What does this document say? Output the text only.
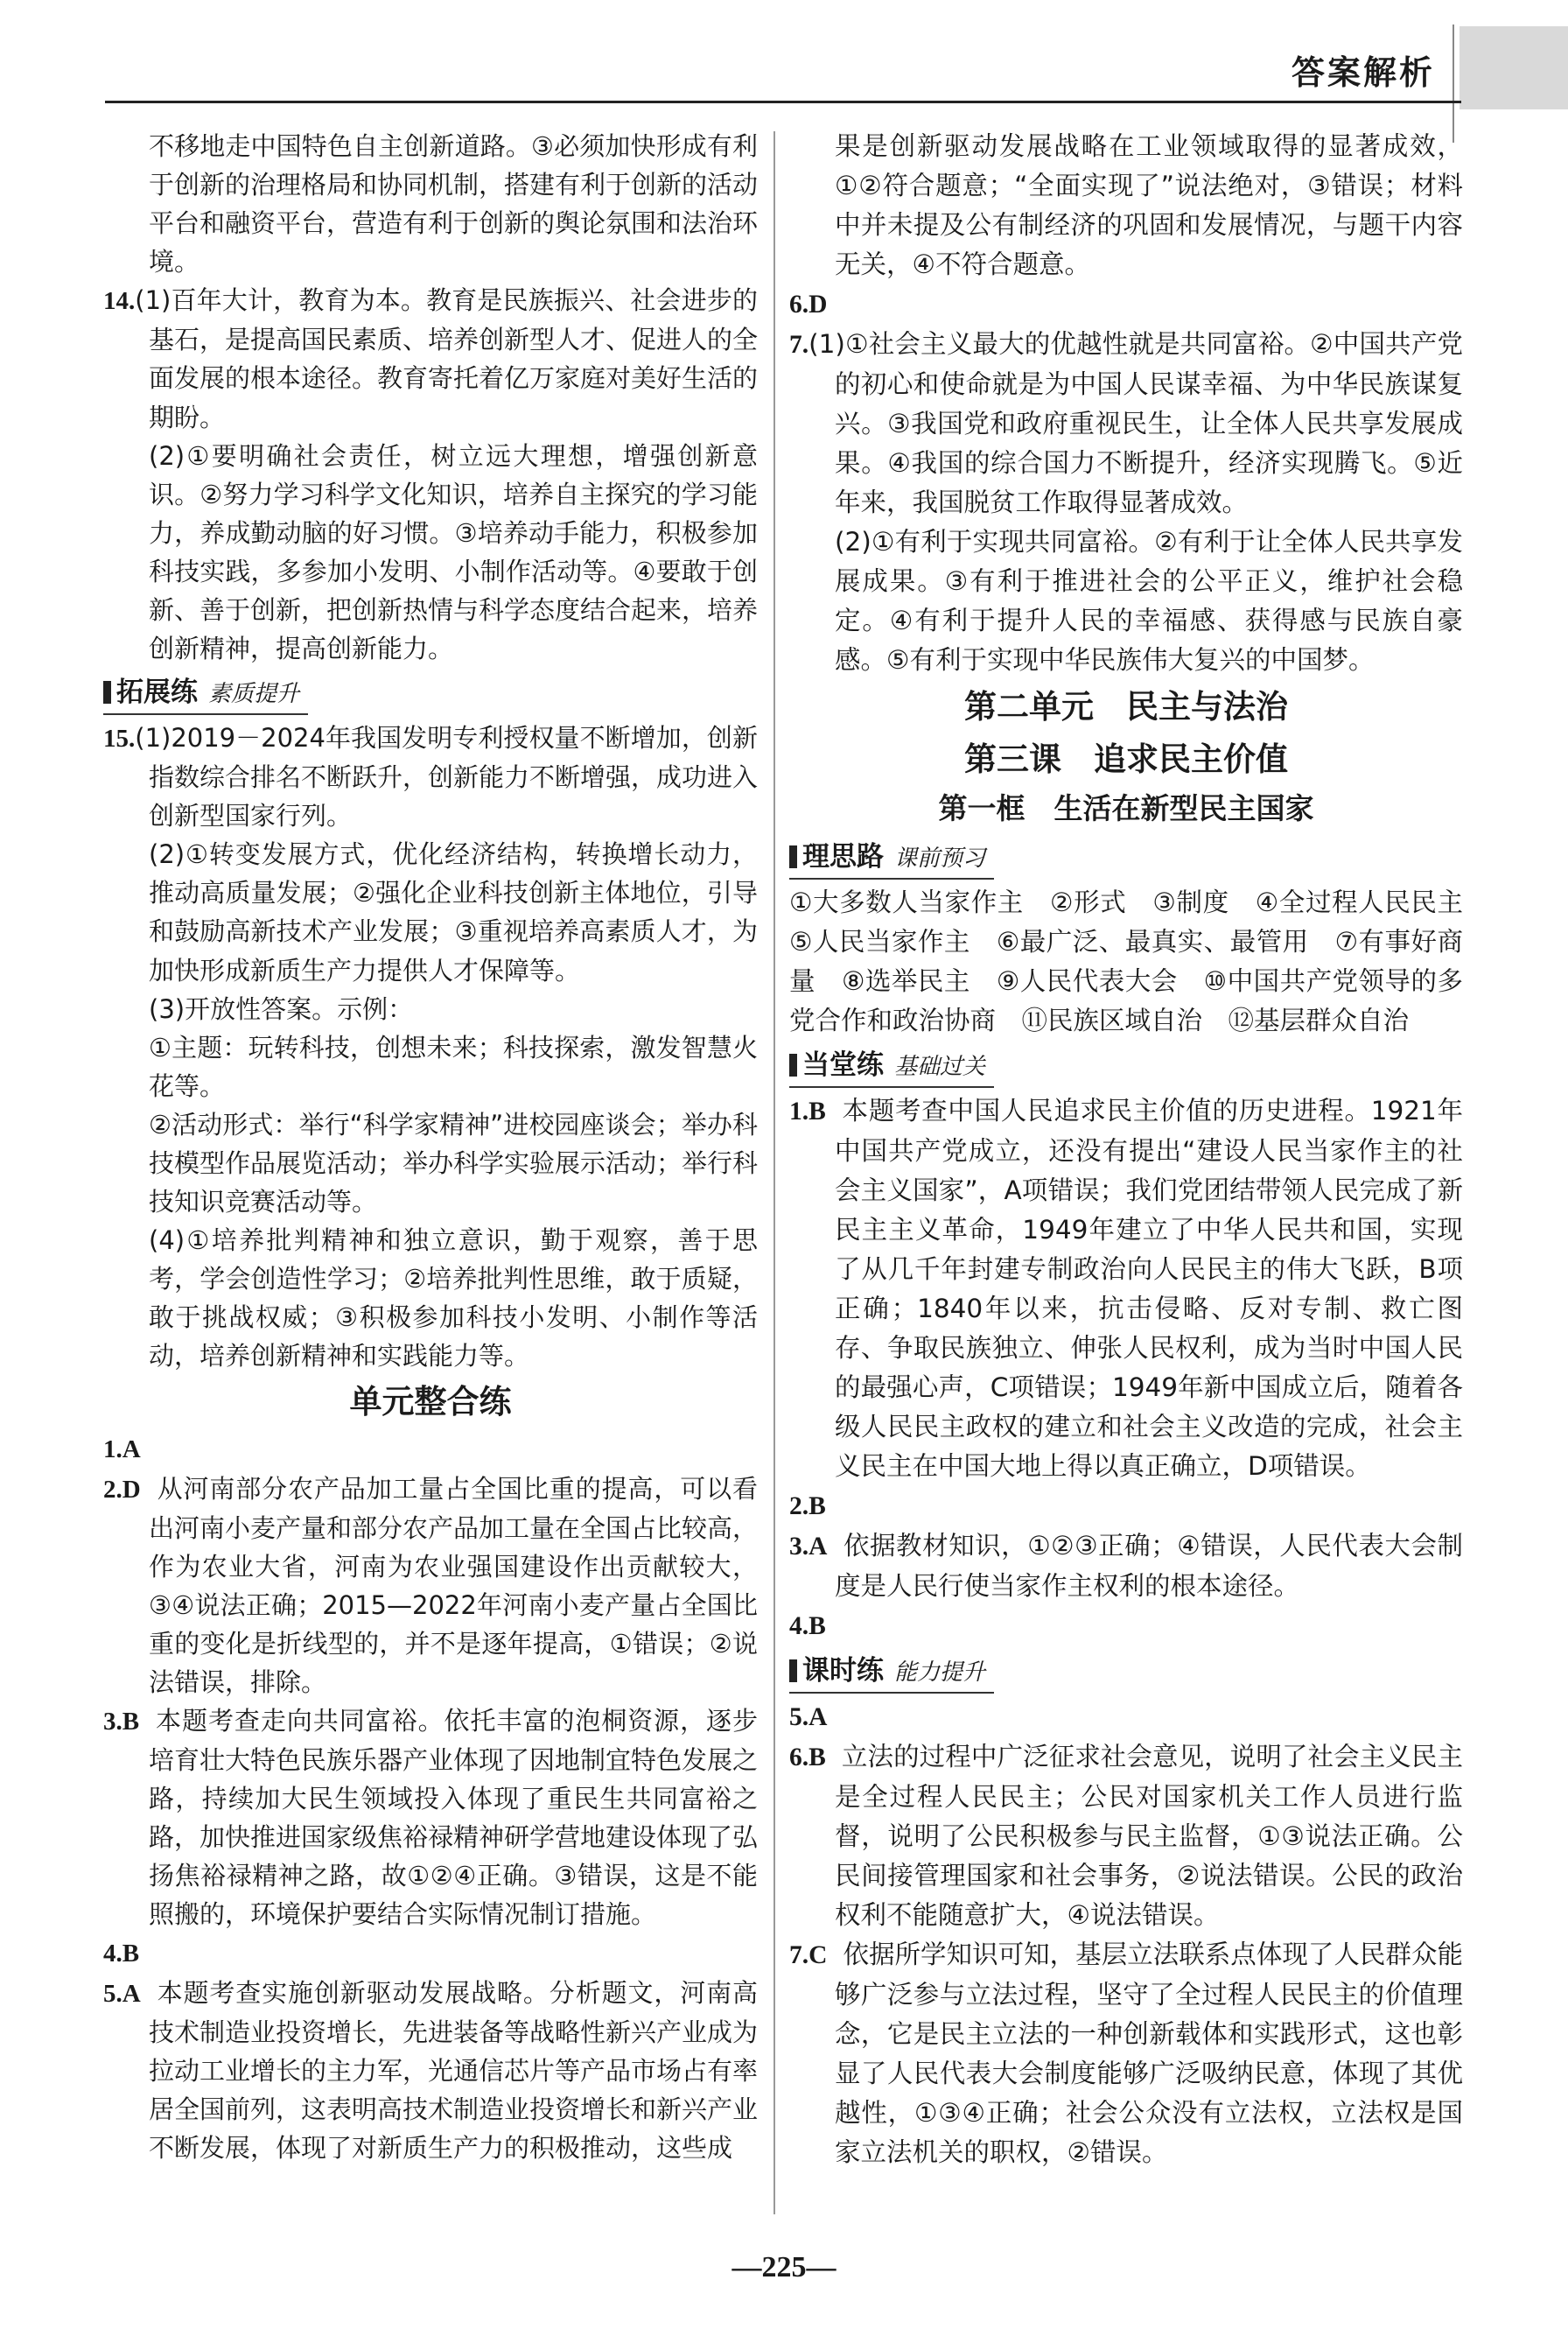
答案解析

不移地走中国特色自主创新道路。③必须加快形成有利于创新的治理格局和协同机制，搭建有利于创新的活动平台和融资平台，营造有利于创新的舆论氛围和法治环境。

14.(1)百年大计，教育为本。教育是民族振兴、社会进步的基石，是提高国民素质、培养创新型人才、促进人的全面发展的根本途径。教育寄托着亿万家庭对美好生活的期盼。

(2)①要明确社会责任，树立远大理想，增强创新意识。②努力学习科学文化知识，培养自主探究的学习能力，养成勤动脑的好习惯。③培养动手能力，积极参加科技实践，多参加小发明、小制作活动等。④要敢于创新、善于创新，把创新热情与科学态度结合起来，培养创新精神，提高创新能力。

拓展练 素质提升

15.(1)2019－2024年我国发明专利授权量不断增加，创新指数综合排名不断跃升，创新能力不断增强，成功进入创新型国家行列。

(2)①转变发展方式，优化经济结构，转换增长动力，推动高质量发展；②强化企业科技创新主体地位，引导和鼓励高新技术产业发展；③重视培养高素质人才，为加快形成新质生产力提供人才保障等。

(3)开放性答案。示例：

①主题：玩转科技，创想未来；科技探索，激发智慧火花等。

②活动形式：举行“科学家精神”进校园座谈会；举办科技模型作品展览活动；举办科学实验展示活动；举行科技知识竞赛活动等。

(4)①培养批判精神和独立意识，勤于观察，善于思考，学会创造性学习；②培养批判性思维，敢于质疑，敢于挑战权威；③积极参加科技小发明、小制作等活动，培养创新精神和实践能力等。

单元整合练

1.A

2.D 从河南部分农产品加工量占全国比重的提高，可以看出河南小麦产量和部分农产品加工量在全国占比较高，作为农业大省，河南为农业强国建设作出贡献较大，③④说法正确；2015—2022年河南小麦产量占全国比重的变化是折线型的，并不是逐年提高，①错误；②说法错误，排除。

3.B 本题考查走向共同富裕。依托丰富的泡桐资源，逐步培育壮大特色民族乐器产业体现了因地制宜特色发展之路，持续加大民生领域投入体现了重民生共同富裕之路，加快推进国家级焦裕禄精神研学营地建设体现了弘扬焦裕禄精神之路，故①②④正确。③错误，这是不能照搬的，环境保护要结合实际情况制订措施。

4.B

5.A 本题考查实施创新驱动发展战略。分析题文，河南高技术制造业投资增长，先进装备等战略性新兴产业成为拉动工业增长的主力军，光通信芯片等产品市场占有率居全国前列，这表明高技术制造业投资增长和新兴产业不断发展，体现了对新质生产力的积极推动，这些成

果是创新驱动发展战略在工业领域取得的显著成效，①②符合题意；“全面实现了”说法绝对，③错误；材料中并未提及公有制经济的巩固和发展情况，与题干内容无关，④不符合题意。

6.D

7.(1)①社会主义最大的优越性就是共同富裕。②中国共产党的初心和使命就是为中国人民谋幸福、为中华民族谋复兴。③我国党和政府重视民生，让全体人民共享发展成果。④我国的综合国力不断提升，经济实现腾飞。⑤近年来，我国脱贫工作取得显著成效。

(2)①有利于实现共同富裕。②有利于让全体人民共享发展成果。③有利于推进社会的公平正义，维护社会稳定。④有利于提升人民的幸福感、获得感与民族自豪感。⑤有利于实现中华民族伟大复兴的中国梦。

第二单元　民主与法治
第三课　追求民主价值
第一框　生活在新型民主国家
理思路 课前预习

①大多数人当家作主　②形式　③制度　④全过程人民民主　⑤人民当家作主　⑥最广泛、最真实、最管用　⑦有事好商量　⑧选举民主　⑨人民代表大会　⑩中国共产党领导的多党合作和政治协商　⑪民族区域自治　⑫基层群众自治

当堂练 基础过关

1.B 本题考查中国人民追求民主价值的历史进程。1921年中国共产党成立，还没有提出“建设人民当家作主的社会主义国家”，A项错误；我们党团结带领人民完成了新民主主义革命，1949年建立了中华人民共和国，实现了从几千年封建专制政治向人民民主的伟大飞跃，B项正确；1840年以来，抗击侵略、反对专制、救亡图存、争取民族独立、伸张人民权利，成为当时中国人民的最强心声，C项错误；1949年新中国成立后，随着各级人民民主政权的建立和社会主义改造的完成，社会主义民主在中国大地上得以真正确立，D项错误。

2.B

3.A 依据教材知识，①②③正确；④错误，人民代表大会制度是人民行使当家作主权利的根本途径。

4.B

课时练 能力提升

5.A

6.B 立法的过程中广泛征求社会意见，说明了社会主义民主是全过程人民民主；公民对国家机关工作人员进行监督，说明了公民积极参与民主监督，①③说法正确。公民间接管理国家和社会事务，②说法错误。公民的政治权利不能随意扩大，④说法错误。

7.C 依据所学知识可知，基层立法联系点体现了人民群众能够广泛参与立法过程，坚守了全过程人民民主的价值理念，它是民主立法的一种创新载体和实践形式，这也彰显了人民代表大会制度能够广泛吸纳民意，体现了其优越性，①③④正确；社会公众没有立法权，立法权是国家立法机关的职权，②错误。

—225—
